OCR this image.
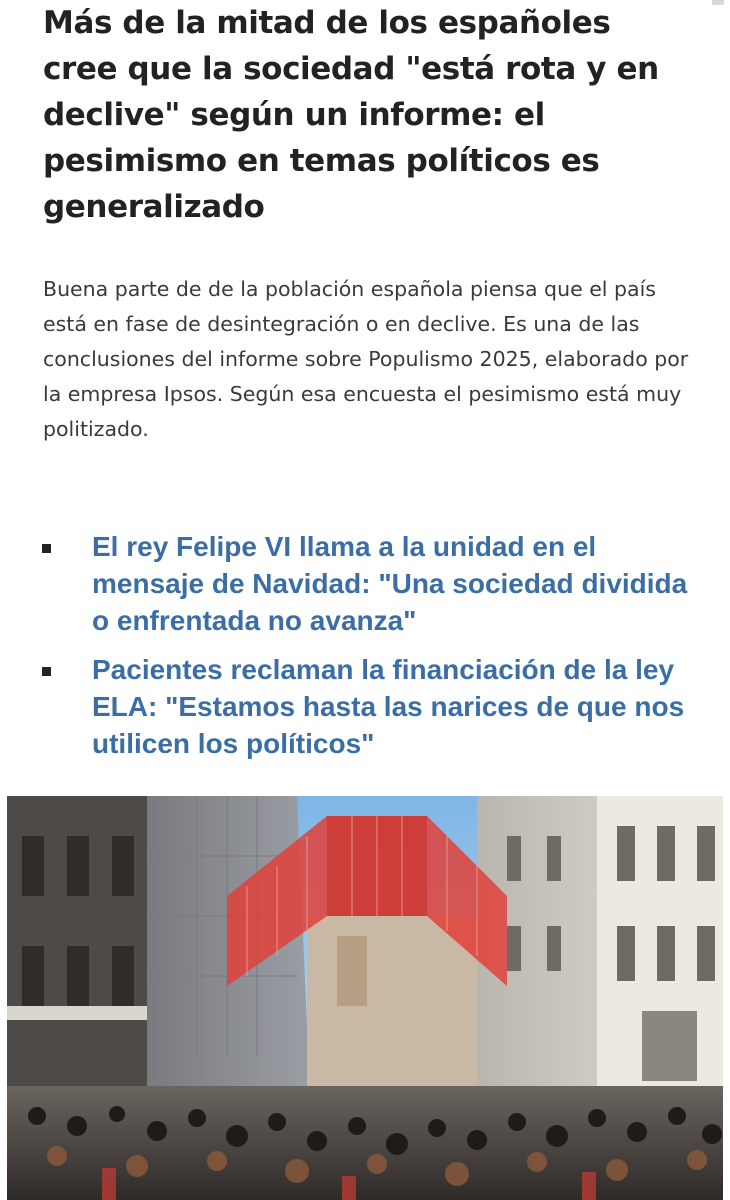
Más de la mitad de los españoles cree que la sociedad "está rota y en declive" según un informe: el pesimismo en temas políticos es generalizado

Buena parte de de la población española piensa que el país está en fase de desintegración o en declive. Es una de las conclusiones del informe sobre Populismo 2025, elaborado por la empresa Ipsos. Según esa encuesta el pesimismo está muy politizado.

El rey Felipe VI llama a la unidad en el mensaje de Navidad: "Una sociedad dividida o enfrentada no avanza"
Pacientes reclaman la financiación de la ley ELA: "Estamos hasta las narices de que nos utilicen los políticos"
